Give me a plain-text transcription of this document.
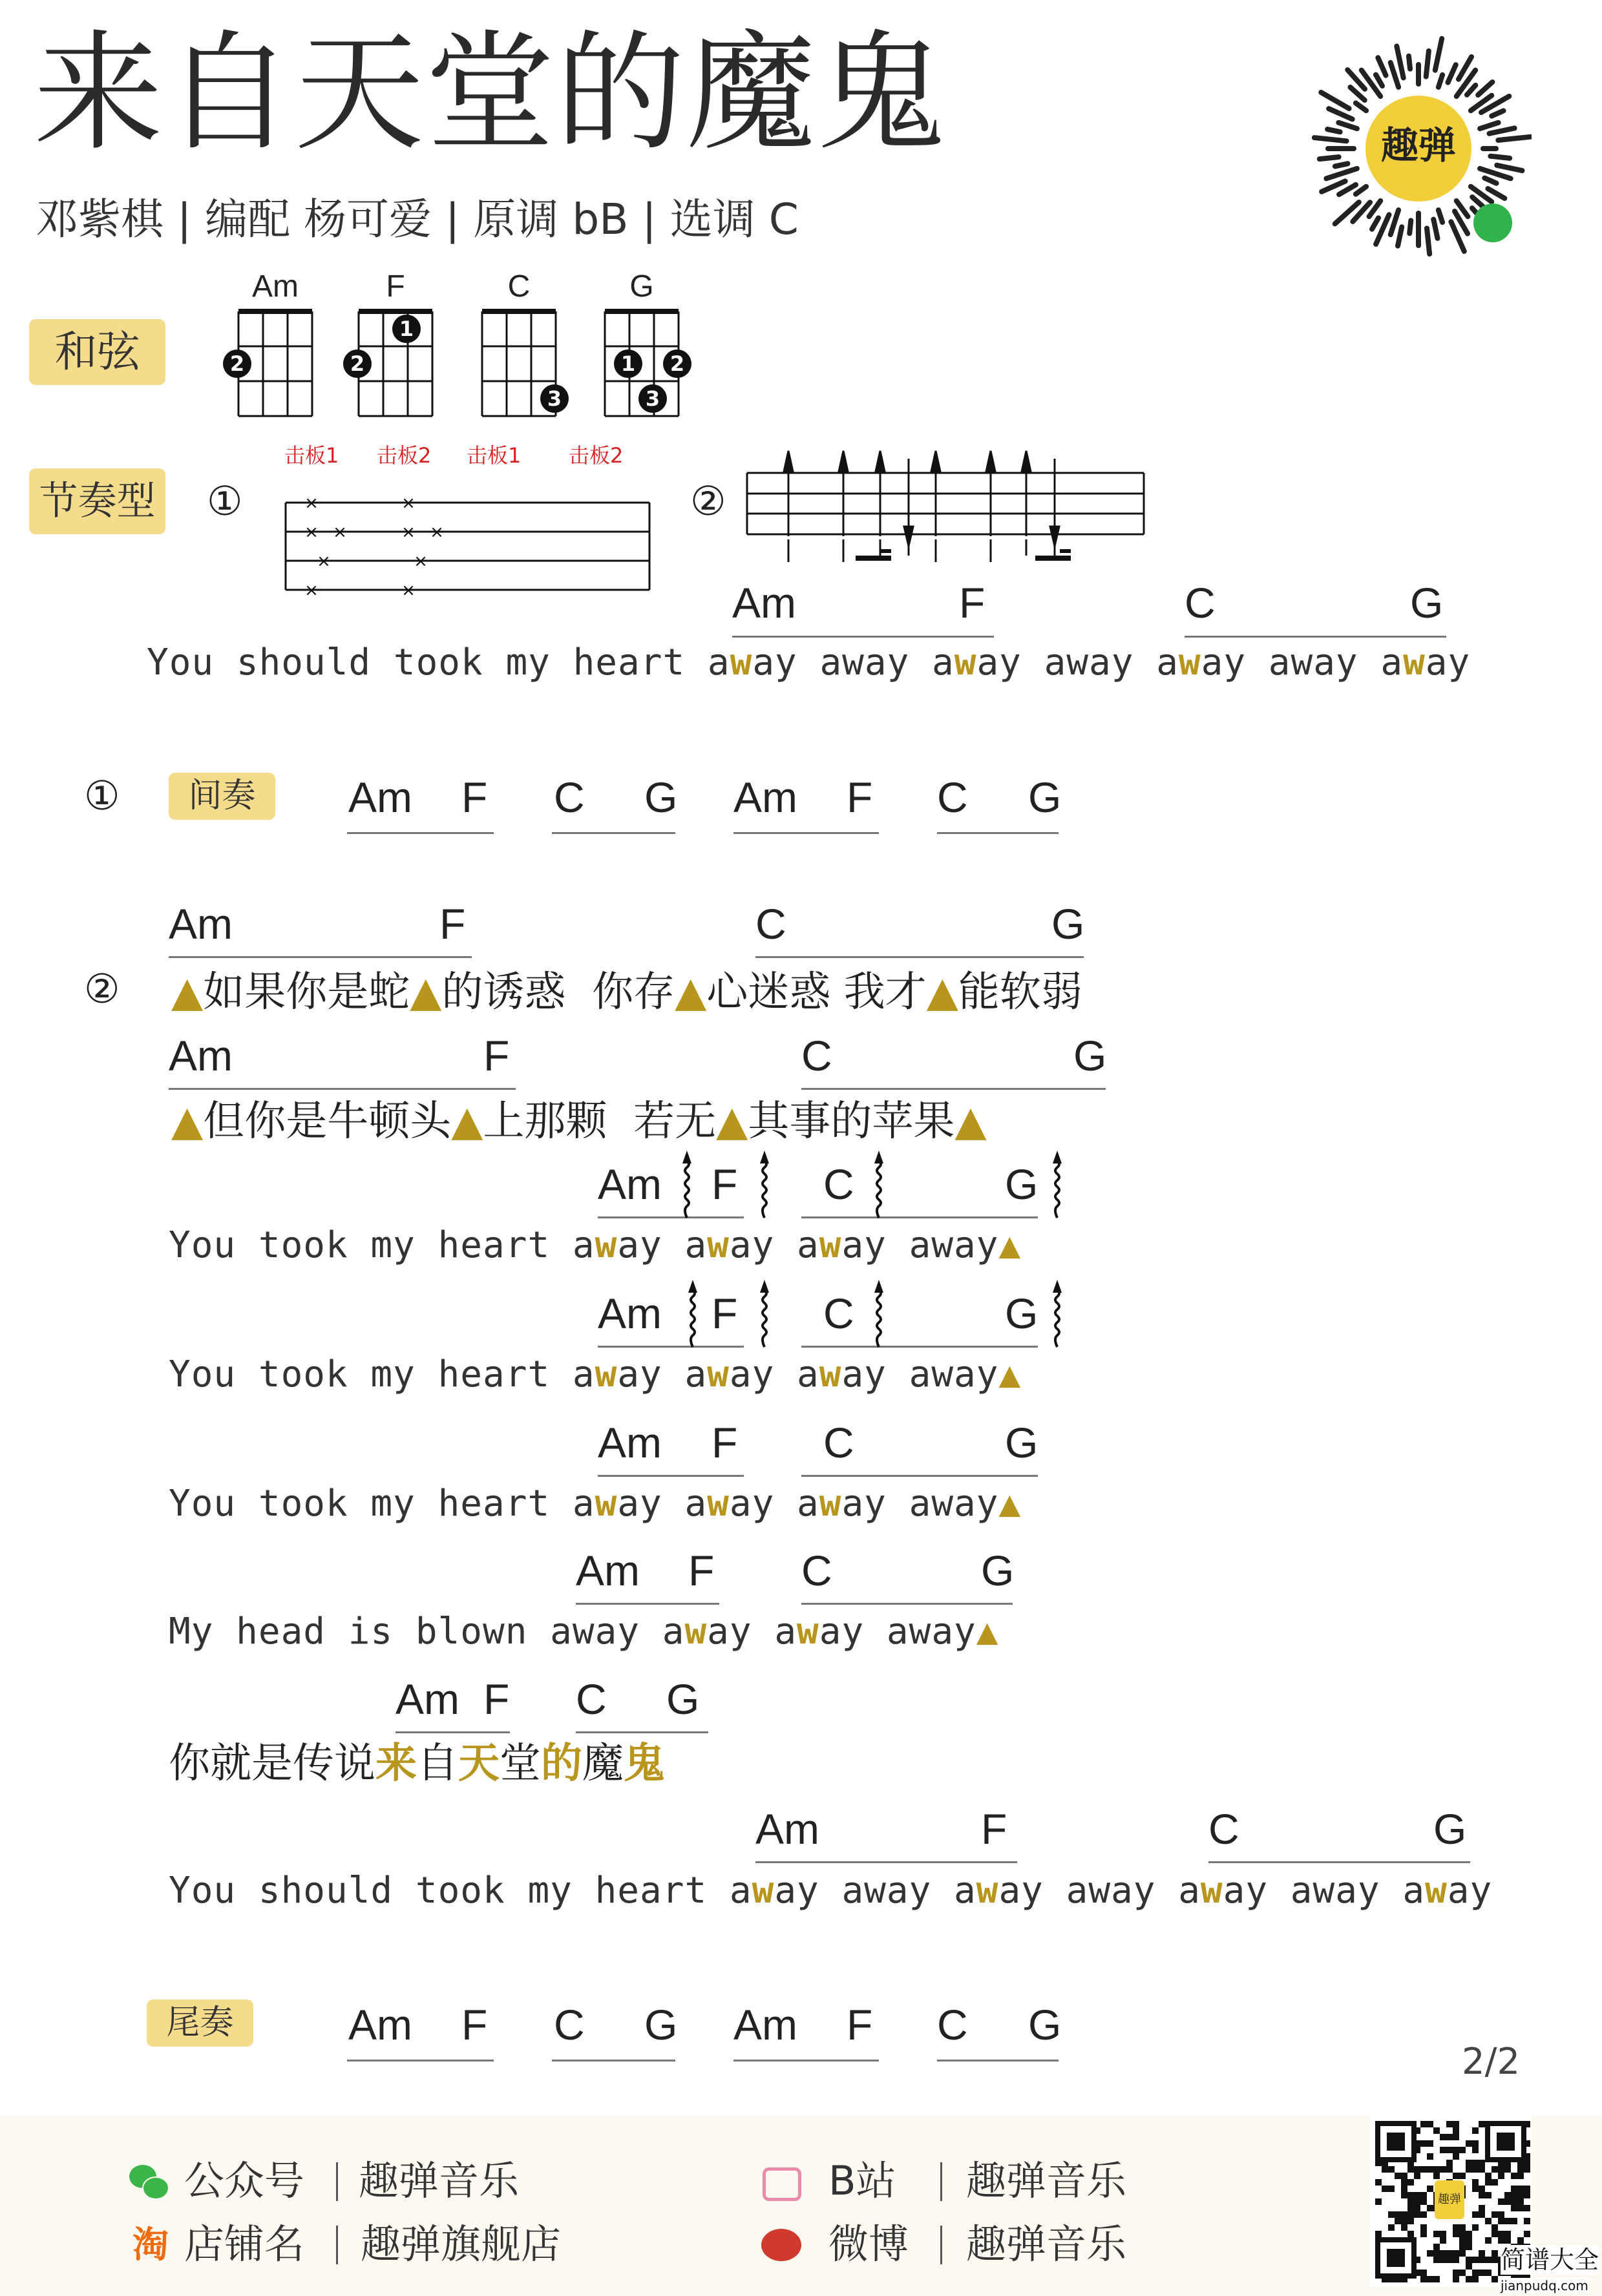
来自天堂的魔鬼
邓紫棋 | 编配 杨可爱 | 原调 bB | 选调 C
趣弹
和弦
节奏型 ①
击板1 击板2 击板1 击板2
×
×
×
×
×
×
×
×
×
×
②
① 间奏
②
尾奏
2/2
公众号 趣弹音乐
淘 店铺名 趣弹旗舰店
B站 趣弹音乐
微博 趣弹音乐
趣弹
简谱大全
jianpudq.com
Am
2
F
1
2
C
3
G
1	2
3
Am	F	C	G
You should took my heart away away away away away away away
Am F C G Am F C G
Am F C G Am F C G
Am	F	C	G
▲如果你是蛇▲的诱惑  你存▲心迷惑 我才▲能软弱
Am	F	C	G
▲但你是牛顿头▲上那颗  若无▲其事的苹果▲
Am F C	G
You took my heart away away away away▲
Am F C	G
You took my heart away away away away▲
Am F C	G
You took my heart away away away away▲
Am F C	G
My head is blown away away away away▲
Am F C G
你就是传说来自天堂的魔鬼
Am	F	C	G
You should took my heart away away away away away away away
